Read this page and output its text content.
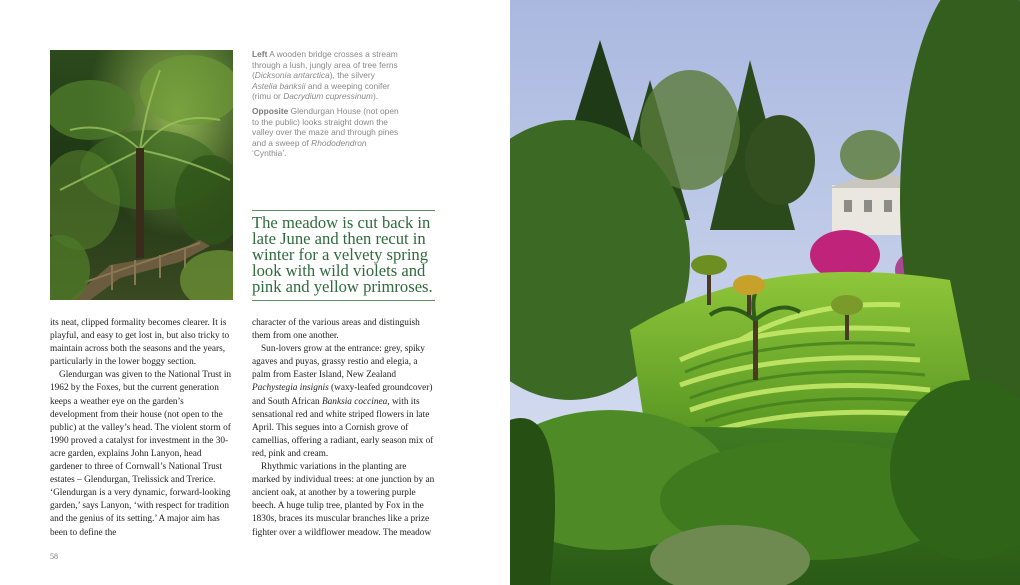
Left A wooden bridge crosses a stream through a lush, jungly area of tree ferns (Dicksonia antarctica), the silvery Astelia banksii and a weeping conifer (rimu or Dacrydium cupressinum).

Opposite Glendurgan House (not open to the public) looks straight down the valley over the maze and through pines and a sweep of Rhododendron ‘Cynthia’.

The meadow is cut back in late June and then recut in winter for a velvety spring look with wild violets and pink and yellow primroses.

its neat, clipped formality becomes clearer. It is playful, and easy to get lost in, but also tricky to maintain across both the seasons and the years, particularly in the lower boggy section.

Glendurgan was given to the National Trust in 1962 by the Foxes, but the current generation keeps a weather eye on the garden’s development from their house (not open to the public) at the valley’s head. The violent storm of 1990 proved a catalyst for investment in the 30-acre garden, explains John Lanyon, head gardener to three of Cornwall’s National Trust estates – Glendurgan, Trelissick and Trerice. ‘Glendurgan is a very dynamic, forward-looking garden,’ says Lanyon, ‘with respect for tradition and the genius of its setting.’ A major aim has been to define the

character of the various areas and distinguish them from one another.

Sun-lovers grow at the entrance: grey, spiky agaves and puyas, grassy restio and elegia, a palm from Easter Island, New Zealand Pachystegia insignis (waxy-leafed groundcover) and South African Banksia coccinea, with its sensational red and white striped flowers in late April. This segues into a Cornish grove of camellias, offering a radiant, early season mix of red, pink and cream.

Rhythmic variations in the planting are marked by individual trees: at one junction by an ancient oak, at another by a towering purple beech. A huge tulip tree, planted by Fox in the 1830s, braces its muscular branches like a prize fighter over a wildflower meadow. The meadow

58
